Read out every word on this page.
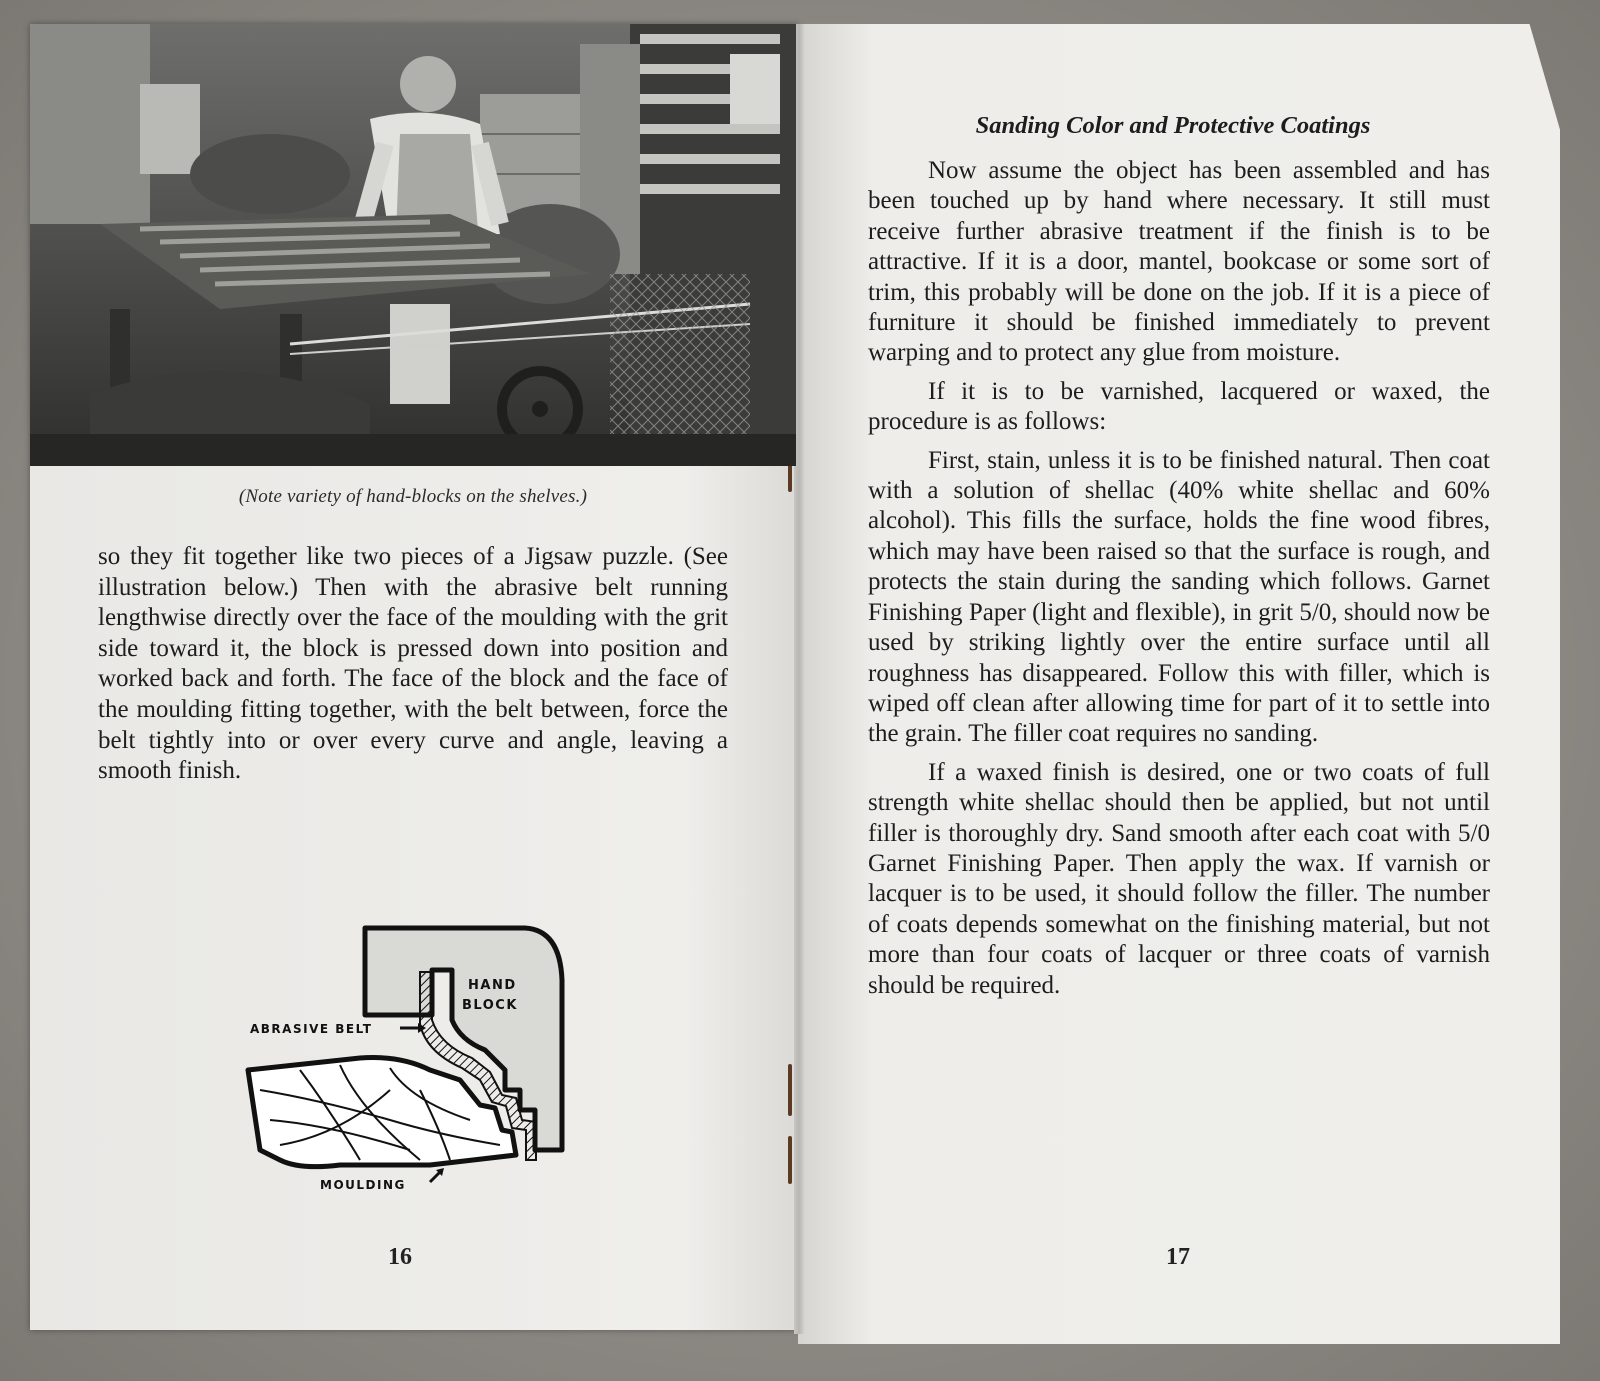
(Note variety of hand-blocks on the shelves.)

so they fit together like two pieces of a Jigsaw puzzle. (See illustration below.) Then with the abrasive belt running lengthwise directly over the face of the moulding with the grit side toward it, the block is pressed down into position and worked back and forth. The face of the block and the face of the moulding fitting together, with the belt between, force the belt tightly into or over every curve and angle, leaving a smooth finish.

HAND
BLOCK
ABRASIVE BELT
MOULDING
16
Sanding Color and Protective Coatings

Now assume the object has been assembled and has been touched up by hand where necessary. It still must receive further abrasive treatment if the finish is to be attractive. If it is a door, mantel, bookcase or some sort of trim, this probably will be done on the job. If it is a piece of furniture it should be finished immediately to prevent warping and to protect any glue from moisture.

If it is to be varnished, lacquered or waxed, the procedure is as follows:

First, stain, unless it is to be finished natural. Then coat with a solution of shellac (40% white shellac and 60% alcohol). This fills the surface, holds the fine wood fibres, which may have been raised so that the surface is rough, and protects the stain during the sanding which follows. Garnet Finishing Paper (light and flexible), in grit 5/0, should now be used by striking lightly over the entire surface until all roughness has disappeared. Follow this with filler, which is wiped off clean after allowing time for part of it to settle into the grain. The filler coat requires no sanding.

If a waxed finish is desired, one or two coats of full strength white shellac should then be applied, but not until filler is thoroughly dry. Sand smooth after each coat with 5/0 Garnet Finishing Paper. Then apply the wax. If varnish or lacquer is to be used, it should follow the filler. The number of coats depends somewhat on the finishing material, but not more than four coats of lacquer or three coats of varnish should be required.

17
